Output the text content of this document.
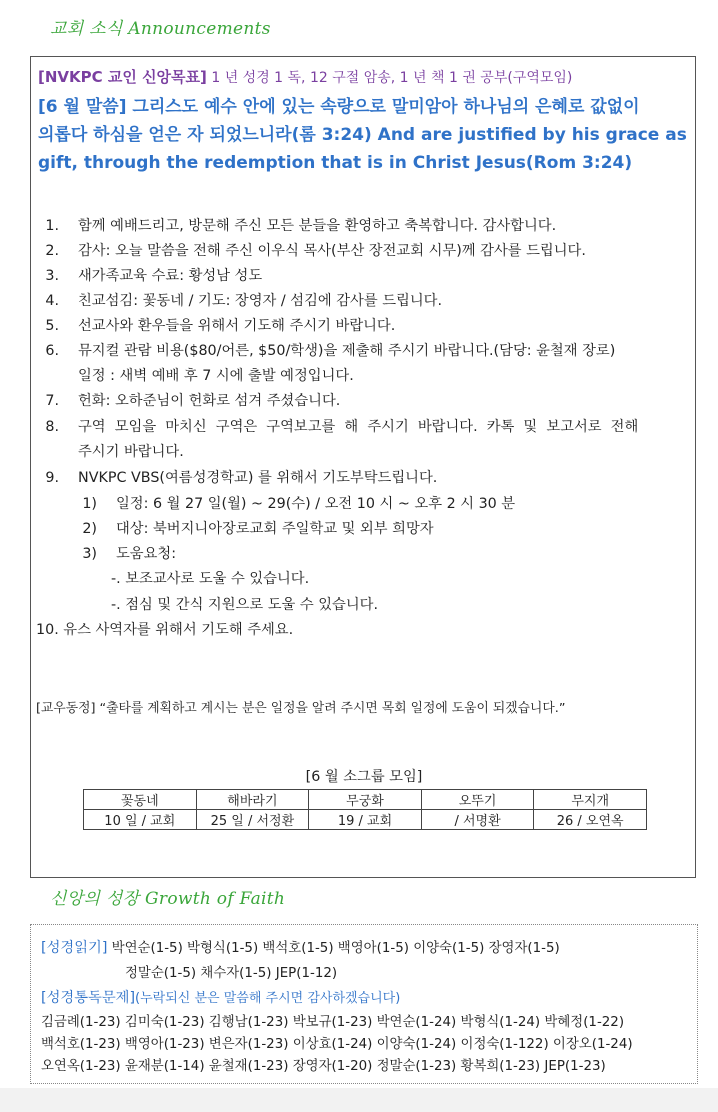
교회 소식 Announcements
[NVKPC 교인 신앙목표] 1 년 성경 1 독, 12 구절 암송, 1 년 책 1 권 공부(구역모임)
[6 월 말씀] 그리스도 예수 안에 있는 속량으로 말미암아 하나님의 은혜로 값없이
의롭다 하심을 얻은 자 되었느니라(롬 3:24) And are justified by his grace as
gift, through the redemption that is in Christ Jesus(Rom 3:24)
1. 함께 예배드리고, 방문해 주신 모든 분들을 환영하고 축복합니다. 감사합니다.
2. 감사: 오늘 말씀을 전해 주신 이우식 목사(부산 장전교회 시무)께 감사를 드립니다.
3. 새가족교육 수료: 황성남 성도
4. 친교섬김: 꽃동네 / 기도: 장영자 / 섬김에 감사를 드립니다.
5. 선교사와 환우들을 위해서 기도해 주시기 바랍니다.
6. 뮤지컬 관람 비용($80/어른, $50/학생)을 제출해 주시기 바랍니다.(담당: 윤철재 장로)
일정 : 새벽 예배 후 7 시에 출발 예정입니다.
7. 헌화: 오하준님이 헌화로 섬겨 주셨습니다.
8. 구역  모임을  마치신  구역은  구역보고를  해  주시기  바랍니다.  카톡  및  보고서로  전해
주시기 바랍니다.
9. NVKPC VBS(여름성경학교) 를 위해서 기도부탁드립니다.
1) 일정: 6 월 27 일(월) ~ 29(수) / 오전 10 시 ~ 오후 2 시 30 분
2) 대상: 북버지니아장로교회 주일학교 및 외부 희망자
3) 도움요청:
-. 보조교사로 도울 수 있습니다.
-. 점심 및 간식 지원으로 도울 수 있습니다.
10. 유스 사역자를 위해서 기도해 주세요.
[교우동정] “출타를 계획하고 계시는 분은 일정을 알려 주시면 목회 일정에 도움이 되겠습니다.”
[6 월 소그룹 모임]
꽃동네	해바라기	무궁화	오뚜기	무지개
10 일 / 교회	25 일 / 서정환	19 / 교회	/ 서명환	26 / 오연옥
신앙의 성장 Growth of Faith
[성경읽기] 박연순(1-5) 박형식(1-5) 백석호(1-5) 백영아(1-5) 이양숙(1-5) 장영자(1-5)
정말순(1-5) 채수자(1-5) JEP(1-12)
[성경통독문제](누락되신 분은 말씀해 주시면 감사하겠습니다)
김금례(1-23) 김미숙(1-23) 김행남(1-23) 박보규(1-23) 박연순(1-24) 박형식(1-24) 박혜정(1-22)
백석호(1-23) 백영아(1-23) 변은자(1-23) 이상효(1-24) 이양숙(1-24) 이정숙(1-122) 이장오(1-24)
오연옥(1-23) 윤재분(1-14) 윤철재(1-23) 장영자(1-20) 정말순(1-23) 황복희(1-23) JEP(1-23)
